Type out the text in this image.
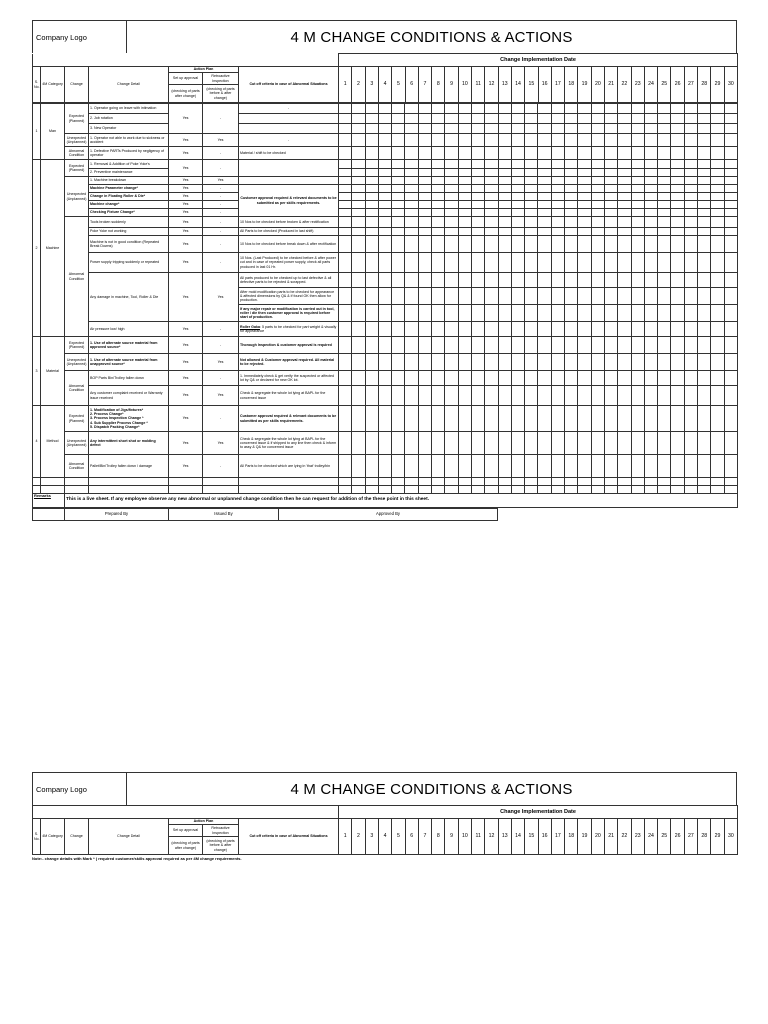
Company Logo	4 M CHANGE CONDITIONS & ACTIONS
							Change Implementation Date																													
S. No.	4M Category	Change	Change Detail	Action Plan		Cut off criteria in case of Abnormal Situations	1	2	3	4	5	6	7	8	9	10	11	12	13	14	15	16	17	18	19	20	21	22	23	24	25	26	27	28	29	30
				Set up approval	Retroactive Inspection																															
				(checking of parts after change)	(checking of parts before & after change)																															
1	Man	Expected (Planned)	1. Operator going on leave with intimation	Yes	-	-																														
			2. Job rotation																																	
			3. New Operator																																	
		Unexpected (Unplanned)	1. Operator not able to work due to sickness or accident	Yes	Yes	-																														
		Abnormal Condition	1. Defective PARTs Produced by negligency of operator	Yes	-	Material / shift to be checked																														
2	Machine	Expected (Planned)	1. Removal & Addition of Poke Yoke's	Yes	-																															
			2. Preventive maintenance																																	
		Unexpected (Unplanned)	1. Machine breakdown	Yes	Yes																															
			Machine Parameter change*	Yes	-	Customer approval required & relevant documents to be submitted as per skills requirements.																														
			Change in Floating Roller & Die*	Yes	-																															
			Machine change*	Yes	-																															
			Checking Fixture Change*	Yes	-																															
		Abnormal Condition	Tools broken suddenly	Yes	-	10 Nos to be checked before broken & after rectification																														
			Poke Yoke not working	Yes	-	All Parts to be checked (Produced in last shift)																														
			Machine is not in good condition (Repeated Break Downs)	Yes	-	10 Nos to be checked before break down & after rectification																														
			Power supply tripping suddenly or repeated	Yes	-	10 Nos. (Last Produced) to be checked before & after power cut and in case of repeated power supply, check all parts produced in last 01 Hr.																														
			Any damage in machine, Tool, Roller & Die	Yes	Yes	All parts produced to be checked up to last defective & all defective parts to be rejected & scrapped.																														
						After mold modification parts to be checked for appearance & affected dimensions by Q& & if found OK then allow for production.																														
						If any major repair or modification is carried out in tool, roller / die then customer approval is required before start of production.																														
			Air pressure low/ high	Yes	-	Roller Gaka: 5 parts to be checked for part weight & visually for appearance																														
3	Material	Expected (Planned)	1. Use of alternate source material from approved source*	Yes	-	Thorough Inspection & customer approval is required																														
		Unexpected (Unplanned)	1. Use of alternate source material from unapproved source*	Yes	Yes	Not allowed & Customer approval required. All material to be rejected.																														
		Abnormal Condition	BOP Parts Bin/Trolley fallen down	Yes	-	1. Immediately check & get verify the suspected or affected lot by Q& or declared for new OK lot.																														
			Any customer complaint received or Warranty issue received	Yes	Yes	Check & segregate the whole lot lying at BAPL for the concerned issue																														
4	Method	Expected (Planned)	1. Modification of Jigs/fixtures*
2. Process Change*
3. Process Inspection Change *
4. Sub Supplier Process Change *
5. Dispatch Packing Change*	Yes	-	Customer approval required & relevant documents to be submitted as per skills requirements.																														
		Unexpected (Unplanned)	Any intermittent short shot or molding defect	Yes	Yes	Check & segregate the whole lot lying at BAPL for the concerned issue & if shipped to any line then check & inform to assy & Q& for concerned issue																														
		Abnormal Condition	Pallet/Bin/Trolley fallen down / damage	Yes	-	All Parts to be checked which are lying in 'that' trolley/bin																														

Remarks		This is a live sheet. If any employee observe any new abnormal or unplanned change condition then he can request for addition of the these point in this sheet.																																		
	Prepared By	Issued By	Approved By
Company Logo	4 M CHANGE CONDITIONS & ACTIONS
							Change Implementation Date																													
S. No.	4M Category	Change	Change Detail	Action Plan		Cut off criteria in case of Abnormal Situations	1	2	3	4	5	6	7	8	9	10	11	12	13	14	15	16	17	18	19	20	21	22	23	24	25	26	27	28	29	30
				Set up approval	Retroactive Inspection																															
				(checking of parts after change)	(checking of parts before & after change)																															
Note:- change details with Mark * ( required customer/skills approval required as per 4M change requirements.
